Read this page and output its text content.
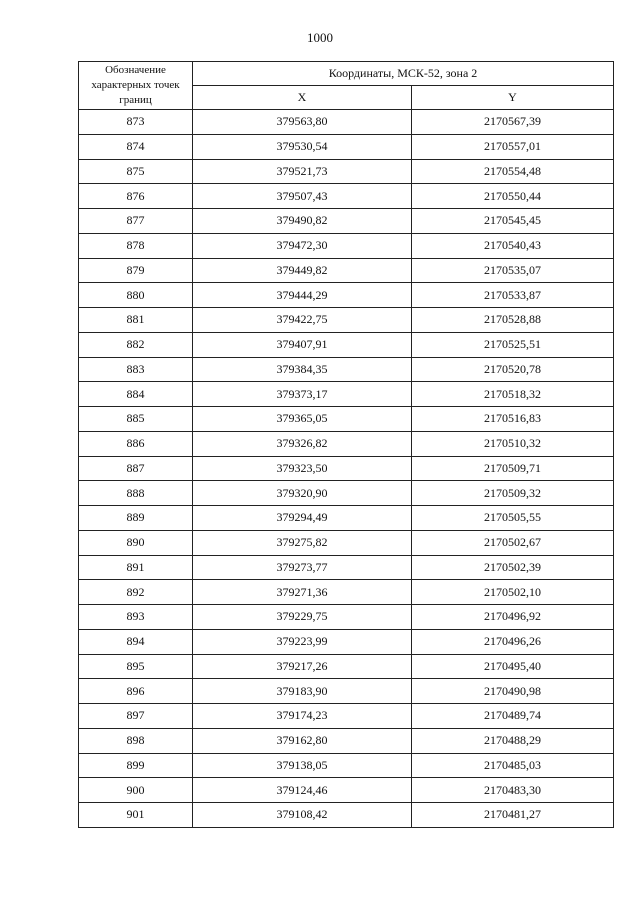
1000
Обозначение характерных точек границ	Координаты, МСК-52, зона 2	
	X	Y
873	379563,80	2170567,39
874	379530,54	2170557,01
875	379521,73	2170554,48
876	379507,43	2170550,44
877	379490,82	2170545,45
878	379472,30	2170540,43
879	379449,82	2170535,07
880	379444,29	2170533,87
881	379422,75	2170528,88
882	379407,91	2170525,51
883	379384,35	2170520,78
884	379373,17	2170518,32
885	379365,05	2170516,83
886	379326,82	2170510,32
887	379323,50	2170509,71
888	379320,90	2170509,32
889	379294,49	2170505,55
890	379275,82	2170502,67
891	379273,77	2170502,39
892	379271,36	2170502,10
893	379229,75	2170496,92
894	379223,99	2170496,26
895	379217,26	2170495,40
896	379183,90	2170490,98
897	379174,23	2170489,74
898	379162,80	2170488,29
899	379138,05	2170485,03
900	379124,46	2170483,30
901	379108,42	2170481,27
